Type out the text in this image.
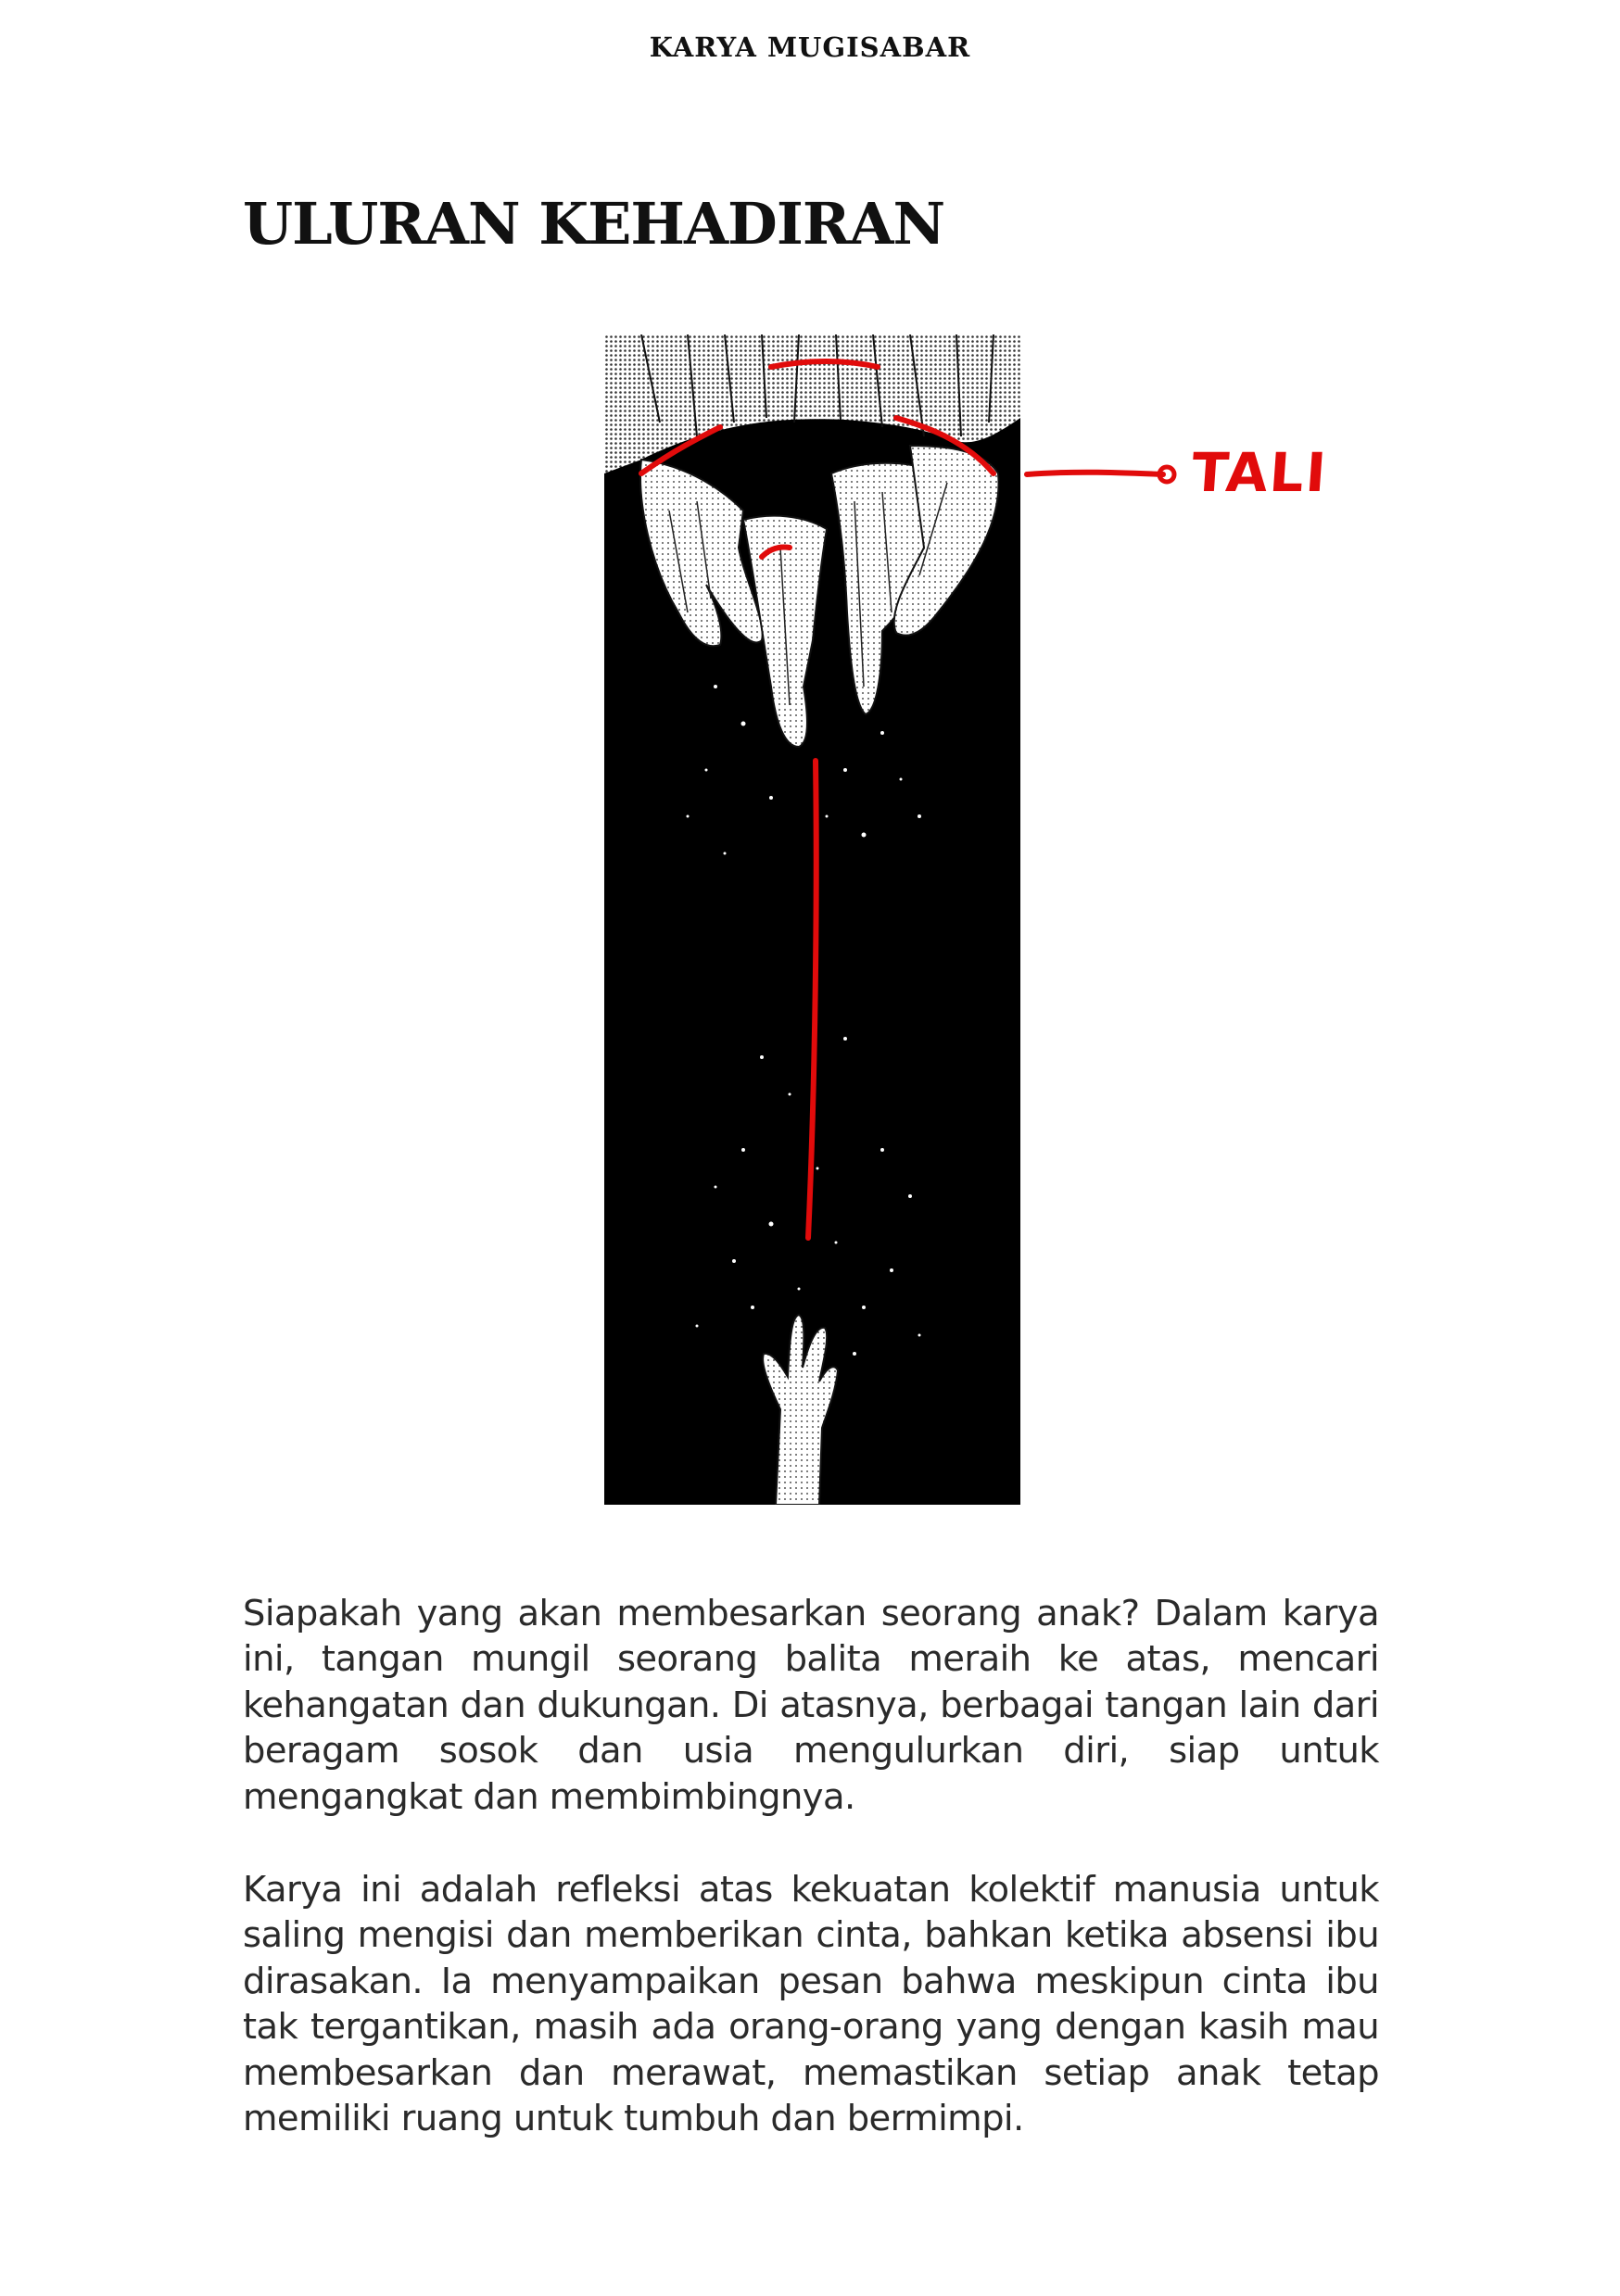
KARYA MUGISABAR
ULURAN KEHADIRAN
TALI

Siapakah yang akan membesarkan seorang anak? Dalam karya ini, tangan mungil seorang balita meraih ke atas, mencari kehangatan dan dukungan. Di atasnya, berbagai tangan lain dari beragam sosok dan usia mengulurkan diri, siap untuk mengangkat dan membimbingnya.

Karya ini adalah refleksi atas kekuatan kolektif manusia untuk saling mengisi dan memberikan cinta, bahkan ketika absensi ibu dirasakan. Ia menyampaikan pesan bahwa meskipun cinta ibu tak tergantikan, masih ada orang-orang yang dengan kasih mau membesarkan dan merawat, memastikan setiap anak tetap memiliki ruang untuk tumbuh dan bermimpi.
